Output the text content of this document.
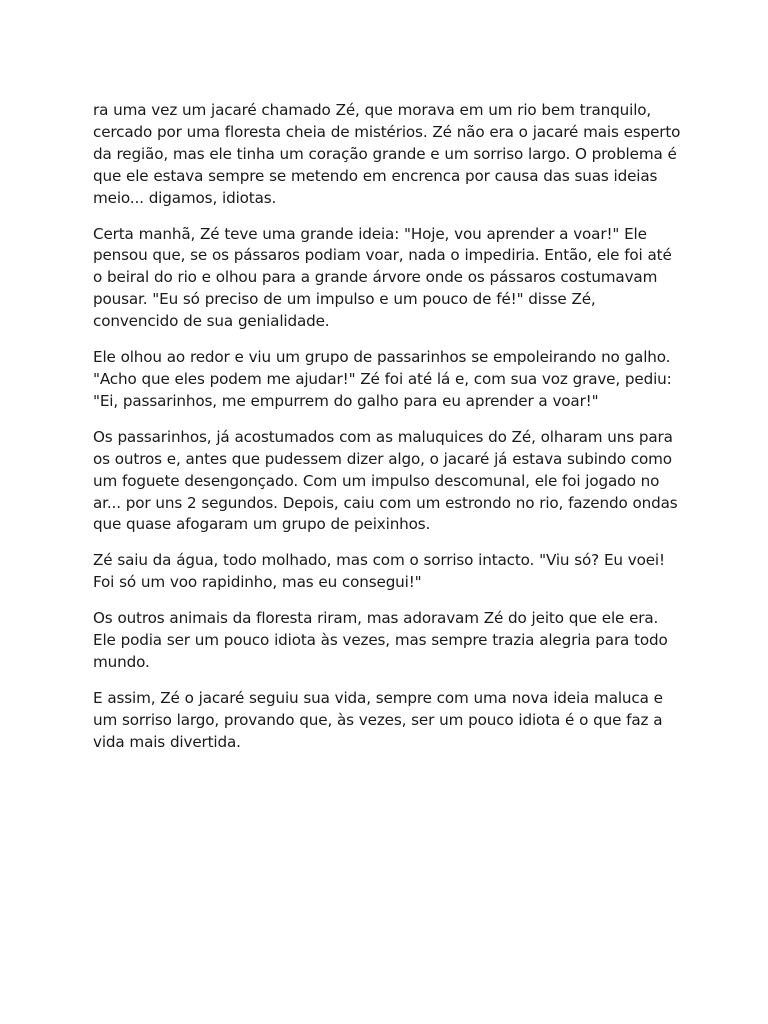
ra uma vez um jacaré chamado Zé, que morava em um rio bem tranquilo, cercado por uma floresta cheia de mistérios. Zé não era o jacaré mais esperto da região, mas ele tinha um coração grande e um sorriso largo. O problema é que ele estava sempre se metendo em encrenca por causa das suas ideias meio... digamos, idiotas.

Certa manhã, Zé teve uma grande ideia: "Hoje, vou aprender a voar!" Ele pensou que, se os pássaros podiam voar, nada o impediria. Então, ele foi até o beiral do rio e olhou para a grande árvore onde os pássaros costumavam pousar. "Eu só preciso de um impulso e um pouco de fé!" disse Zé, convencido de sua genialidade.

Ele olhou ao redor e viu um grupo de passarinhos se empoleirando no galho. "Acho que eles podem me ajudar!" Zé foi até lá e, com sua voz grave, pediu: "Ei, passarinhos, me empurrem do galho para eu aprender a voar!"

Os passarinhos, já acostumados com as maluquices do Zé, olharam uns para os outros e, antes que pudessem dizer algo, o jacaré já estava subindo como um foguete desengonçado. Com um impulso descomunal, ele foi jogado no ar... por uns 2 segundos. Depois, caiu com um estrondo no rio, fazendo ondas que quase afogaram um grupo de peixinhos.

Zé saiu da água, todo molhado, mas com o sorriso intacto. "Viu só? Eu voei! Foi só um voo rapidinho, mas eu consegui!"

Os outros animais da floresta riram, mas adoravam Zé do jeito que ele era. Ele podia ser um pouco idiota às vezes, mas sempre trazia alegria para todo mundo.

E assim, Zé o jacaré seguiu sua vida, sempre com uma nova ideia maluca e um sorriso largo, provando que, às vezes, ser um pouco idiota é o que faz a vida mais divertida.
